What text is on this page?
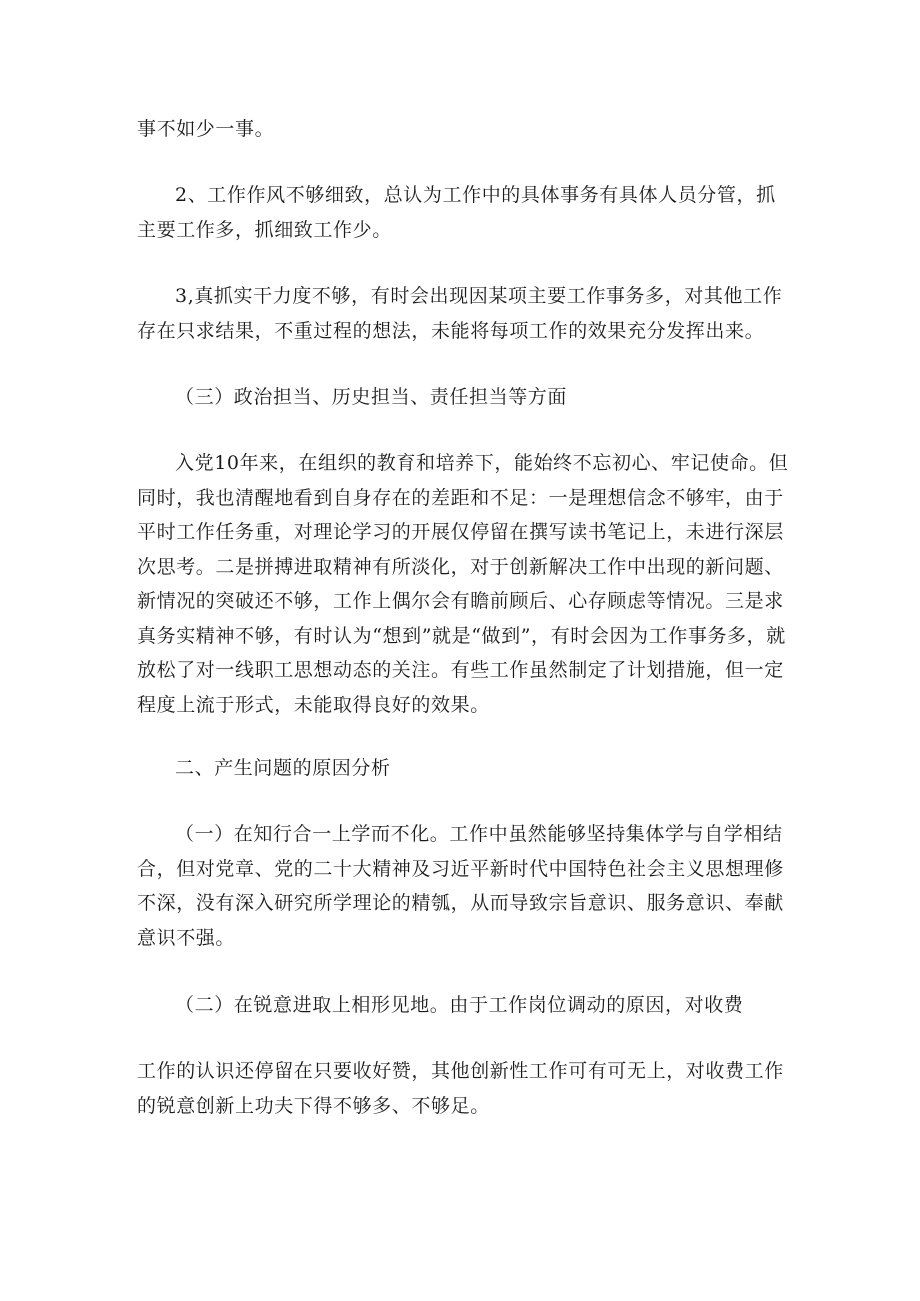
事不如少一事。

2、工作作风不够细致，总认为工作中的具体事务有具体人员分管，抓主要工作多，抓细致工作少。

3,真抓实干力度不够，有时会出现因某项主要工作事务多，对其他工作存在只求结果，不重过程的想法，未能将每项工作的效果充分发挥出来。

（三）政治担当、历史担当、责任担当等方面

入党10年来，在组织的教育和培养下，能始终不忘初心、牢记使命。但同时，我也清醒地看到自身存在的差距和不足：一是理想信念不够牢，由于平时工作任务重，对理论学习的开展仅停留在撰写读书笔记上，未进行深层次思考。二是拼搏进取精神有所淡化，对于创新解决工作中出现的新问题、新情况的突破还不够，工作上偶尔会有瞻前顾后、心存顾虑等情况。三是求真务实精神不够，有时认为“想到”就是“做到”，有时会因为工作事务多，就放松了对一线职工思想动态的关注。有些工作虽然制定了计划措施，但一定程度上流于形式，未能取得良好的效果。

二、产生问题的原因分析

（一）在知行合一上学而不化。工作中虽然能够坚持集体学与自学相结合，但对党章、党的二十大精神及习近平新时代中国特色社会主义思想理修不深，没有深入研究所学理论的精瓠，从而导致宗旨意识、服务意识、奉献意识不强。

（二）在锐意进取上相形见地。由于工作岗位调动的原因，对收费

工作的认识还停留在只要收好赞，其他创新性工作可有可无上，对收费工作的锐意创新上功夫下得不够多、不够足。
